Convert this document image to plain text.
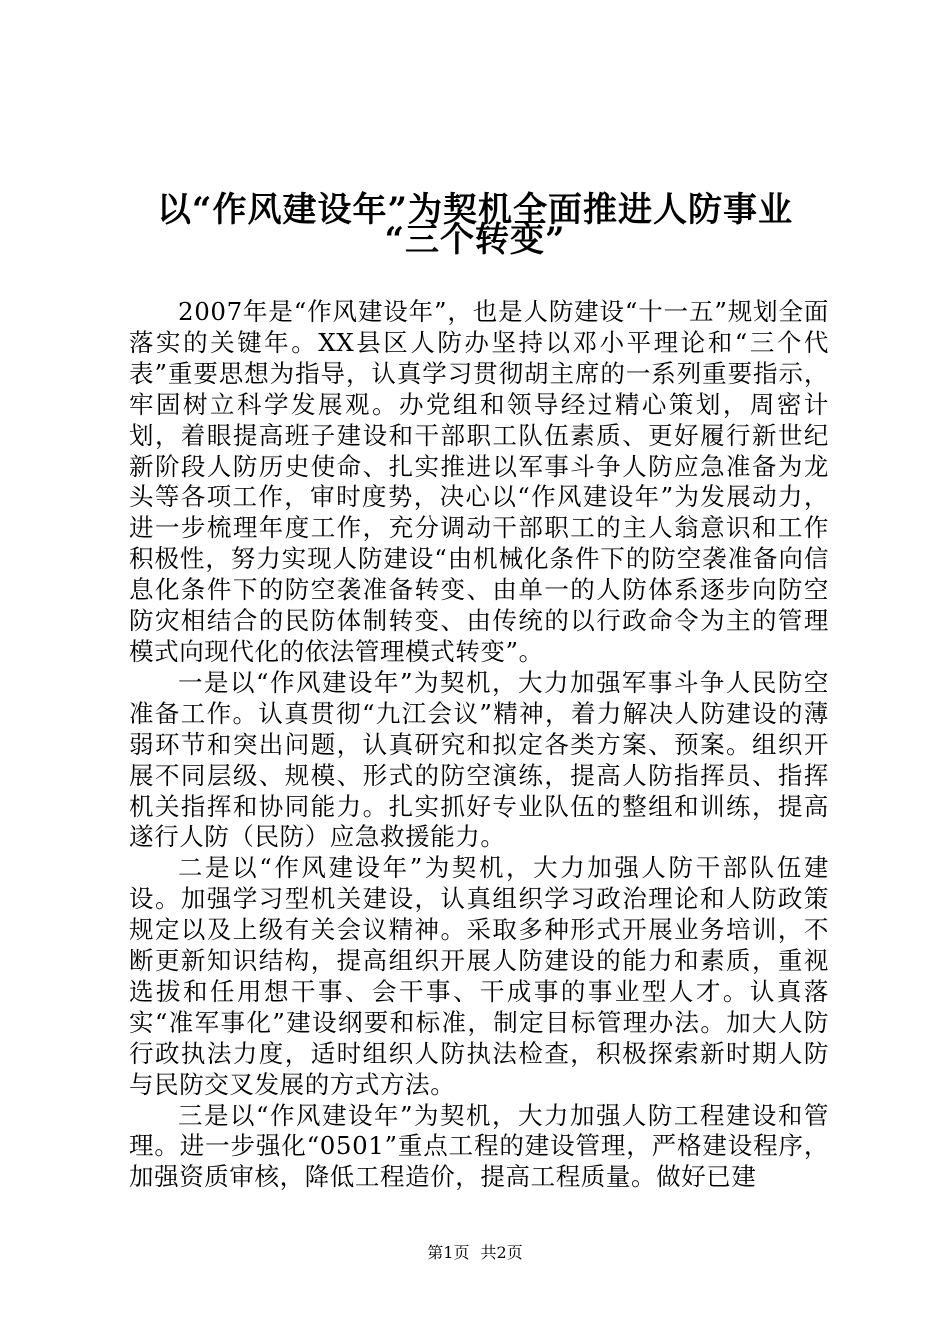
以“作风建设年”为契机全面推进人防事业
“三个转变”

2007年是“作风建设年”，也是人防建设“十一五”规划全面落实的关键年。XX县区人防办坚持以邓小平理论和“三个代表”重要思想为指导，认真学习贯彻胡主席的一系列重要指示，牢固树立科学发展观。办党组和领导经过精心策划，周密计划，着眼提高班子建设和干部职工队伍素质、更好履行新世纪新阶段人防历史使命、扎实推进以军事斗争人防应急准备为龙头等各项工作，审时度势，决心以“作风建设年”为发展动力，进一步梳理年度工作，充分调动干部职工的主人翁意识和工作积极性，努力实现人防建设“由机械化条件下的防空袭准备向信息化条件下的防空袭准备转变、由单一的人防体系逐步向防空防灾相结合的民防体制转变、由传统的以行政命令为主的管理模式向现代化的依法管理模式转变”。

一是以“作风建设年”为契机，大力加强军事斗争人民防空准备工作。认真贯彻“九江会议”精神，着力解决人防建设的薄弱环节和突出问题，认真研究和拟定各类方案、预案。组织开展不同层级、规模、形式的防空演练，提高人防指挥员、指挥机关指挥和协同能力。扎实抓好专业队伍的整组和训练，提高遂行人防（民防）应急救援能力。

二是以“作风建设年”为契机，大力加强人防干部队伍建设。加强学习型机关建设，认真组织学习政治理论和人防政策规定以及上级有关会议精神。采取多种形式开展业务培训，不断更新知识结构，提高组织开展人防建设的能力和素质，重视选拔和任用想干事、会干事、干成事的事业型人才。认真落实“准军事化”建设纲要和标准，制定目标管理办法。加大人防行政执法力度，适时组织人防执法检查，积极探索新时期人防与民防交叉发展的方式方法。

三是以“作风建设年”为契机，大力加强人防工程建设和管理。进一步强化“0501”重点工程的建设管理，严格建设程序，加强资质审核，降低工程造价，提高工程质量。做好已建

第1页 共2页
